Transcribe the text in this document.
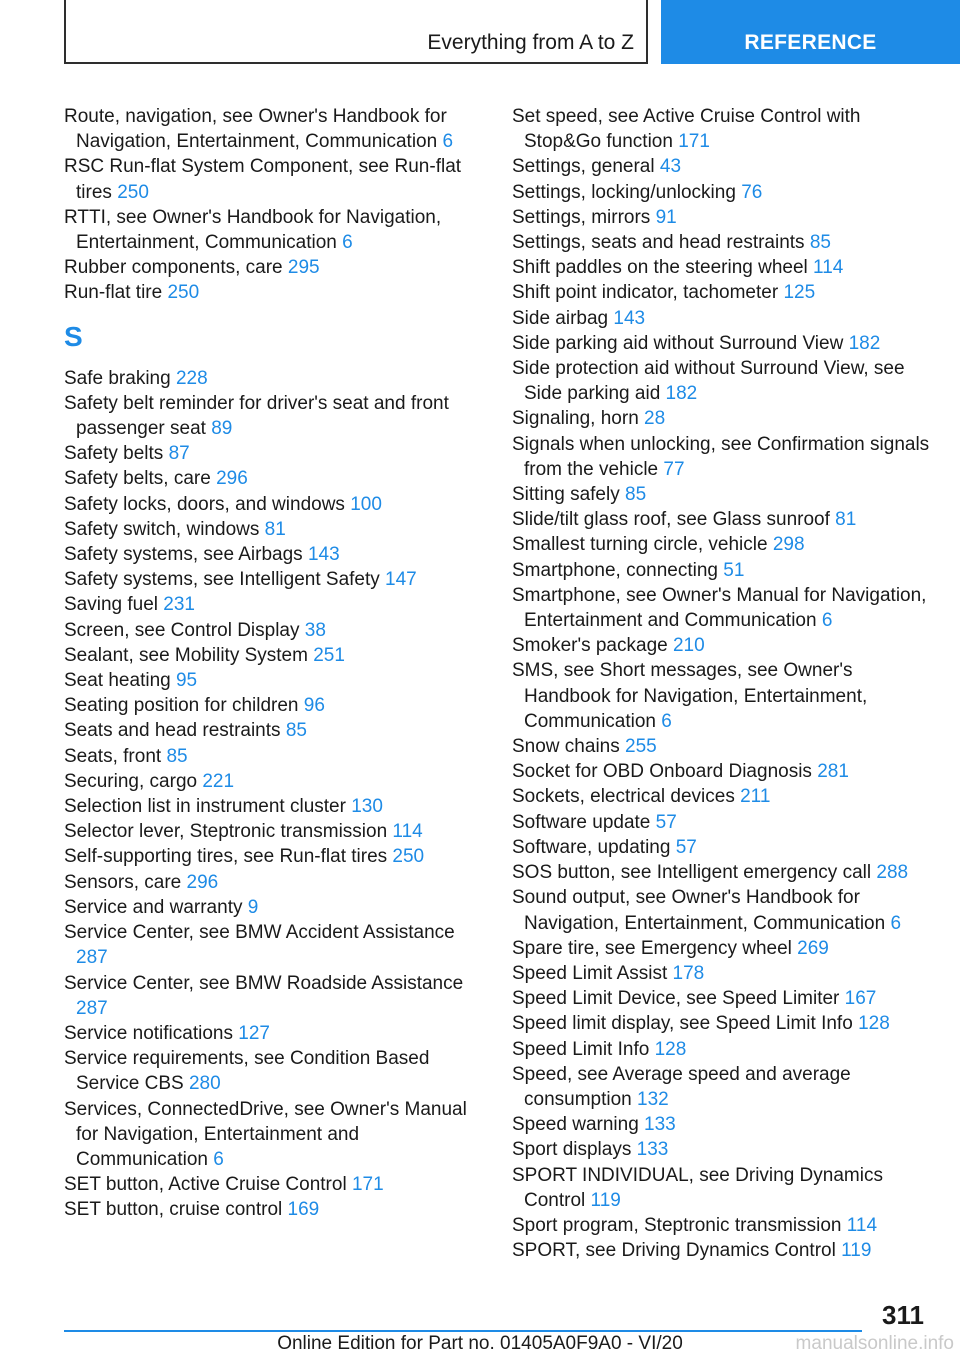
Everything from A to Z	REFERENCE

Route, navigation, see Owner's Handbook for Navigation, Entertainment, Communication 6

RSC Run-flat System Component, see Run-flat tires 250

RTTI, see Owner's Handbook for Navigation, Entertainment, Communication 6

Rubber components, care 295

Run-flat tire 250

S

Safe braking 228

Safety belt reminder for driver's seat and front passenger seat 89

Safety belts 87

Safety belts, care 296

Safety locks, doors, and windows 100

Safety switch, windows 81

Safety systems, see Airbags 143

Safety systems, see Intelligent Safety 147

Saving fuel 231

Screen, see Control Display 38

Sealant, see Mobility System 251

Seat heating 95

Seating position for children 96

Seats and head restraints 85

Seats, front 85

Securing, cargo 221

Selection list in instrument cluster 130

Selector lever, Steptronic transmission 114

Self-supporting tires, see Run-flat tires 250

Sensors, care 296

Service and warranty 9

Service Center, see BMW Accident Assistance 287

Service Center, see BMW Roadside Assistance 287

Service notifications 127

Service requirements, see Condition Based Service CBS 280

Services, ConnectedDrive, see Owner's Manual for Navigation, Entertainment and Communication 6

SET button, Active Cruise Control 171

SET button, cruise control 169

Set speed, see Active Cruise Control with Stop&Go function 171

Settings, general 43

Settings, locking/unlocking 76

Settings, mirrors 91

Settings, seats and head restraints 85

Shift paddles on the steering wheel 114

Shift point indicator, tachometer 125

Side airbag 143

Side parking aid without Surround View 182

Side protection aid without Surround View, see Side parking aid 182

Signaling, horn 28

Signals when unlocking, see Confirmation signals from the vehicle 77

Sitting safely 85

Slide/tilt glass roof, see Glass sunroof 81

Smallest turning circle, vehicle 298

Smartphone, connecting 51

Smartphone, see Owner's Manual for Navigation, Entertainment and Communication 6

Smoker's package 210

SMS, see Short messages, see Owner's Handbook for Navigation, Entertainment, Communication 6

Snow chains 255

Socket for OBD Onboard Diagnosis 281

Sockets, electrical devices 211

Software update 57

Software, updating 57

SOS button, see Intelligent emergency call 288

Sound output, see Owner's Handbook for Navigation, Entertainment, Communication 6

Spare tire, see Emergency wheel 269

Speed Limit Assist 178

Speed Limit Device, see Speed Limiter 167

Speed limit display, see Speed Limit Info 128

Speed Limit Info 128

Speed, see Average speed and average consumption 132

Speed warning 133

Sport displays 133

SPORT INDIVIDUAL, see Driving Dynamics Control 119

Sport program, Steptronic transmission 114

SPORT, see Driving Dynamics Control 119

311
Online Edition for Part no. 01405A0F9A0 - VI/20	manualsonline.info
